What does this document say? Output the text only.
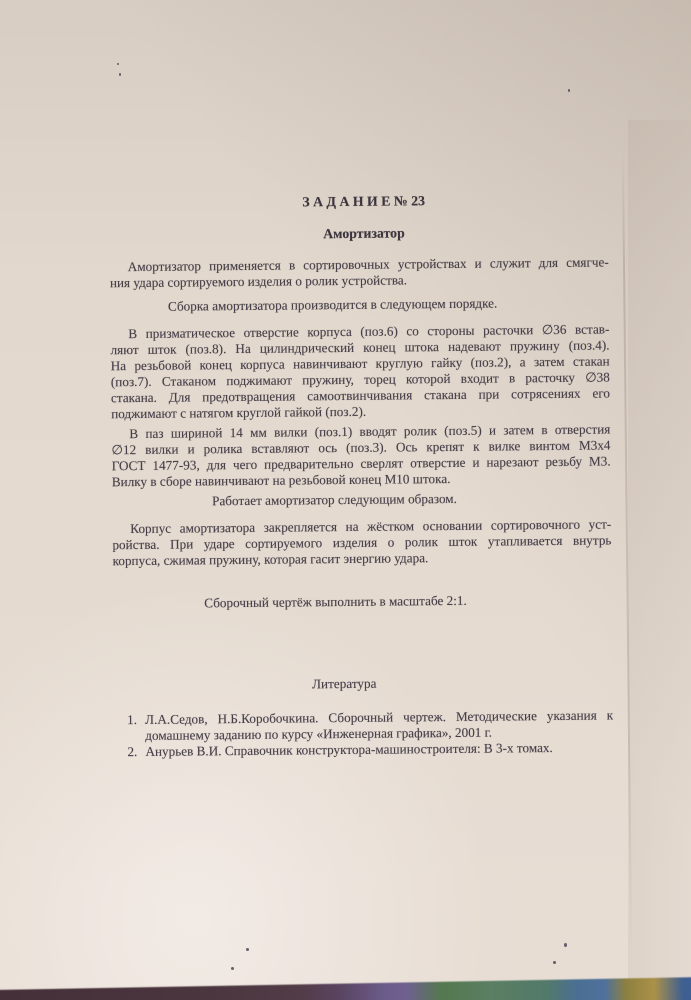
З А Д А Н И Е № 23
Амортизатор
Амортизатор применяется в сортировочных устройствах и служит для смягче-
ния удара сортируемого изделия о ролик устройства.
Сборка амортизатора производится в следующем порядке.
В призматическое отверстие корпуса (поз.6) со стороны расточки ∅36 встав-
ляют шток (поз.8). На цилиндрический конец штока надевают пружину (поз.4).
На резьбовой конец корпуса навинчивают круглую гайку (поз.2), а затем стакан
(поз.7). Стаканом поджимают пружину, торец которой входит в расточку ∅38
стакана. Для предотвращения самоотвинчивания стакана при сотрясениях его
поджимают с натягом круглой гайкой (поз.2).
В паз шириной 14 мм вилки (поз.1) вводят ролик (поз.5) и затем в отверстия
∅12 вилки и ролика вставляют ось (поз.3). Ось крепят к вилке винтом М3х4
ГОСТ 1477-93, для чего предварительно сверлят отверстие и нарезают резьбу М3.
Вилку в сборе навинчивают на резьбовой конец М10 штока.
Работает амортизатор следующим образом.
Корпус амортизатора закрепляется на жёстком основании сортировочного уст-
ройства. При ударе сортируемого изделия о ролик шток утапливается внутрь
корпуса, сжимая пружину, которая гасит энергию удара.
Сборочный чертёж выполнить в масштабе 2:1.
Литература
1. Л.А.Седов, Н.Б.Коробочкина. Сборочный чертеж. Методические указания к
домашнему заданию по курсу «Инженерная графика», 2001 г.
2. Анурьев В.И. Справочник конструктора-машиностроителя: В 3-х томах.
